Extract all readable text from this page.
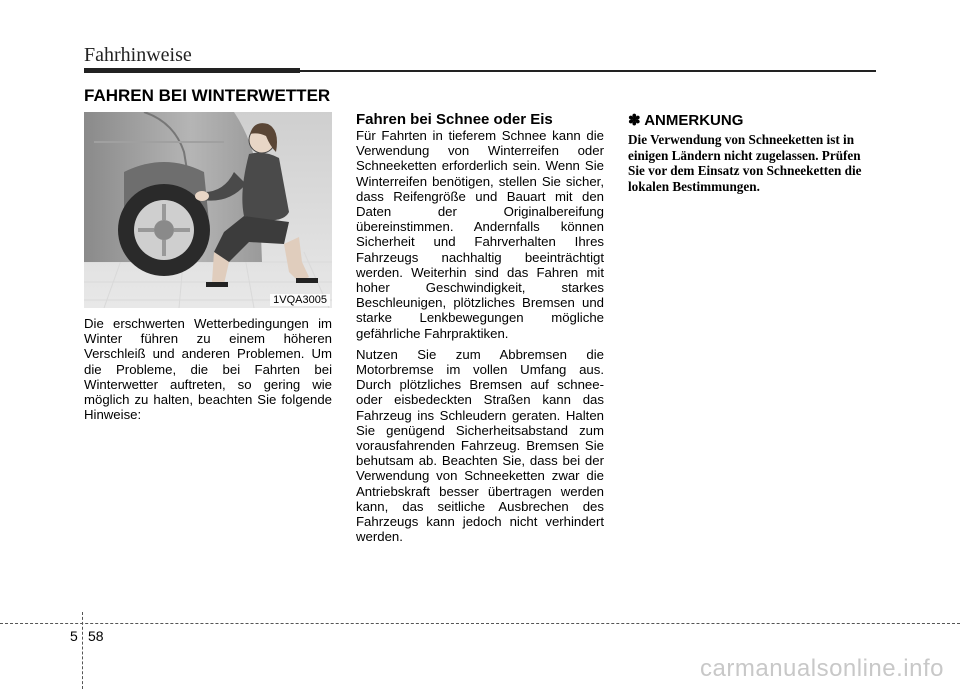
Fahrhinweise
FAHREN BEI WINTERWETTER
1VQA3005

Die erschwerten Wetterbedingungen im Winter führen zu einem höheren Verschleiß und anderen Problemen. Um die Probleme, die bei Fahrten bei Winterwetter auftreten, so gering wie möglich zu halten, beachten Sie folgende Hinweise:

Fahren bei Schnee oder Eis

Für Fahrten in tieferem Schnee kann die Verwendung von Winterreifen oder Schneeketten erforderlich sein. Wenn Sie Winterreifen benötigen, stellen Sie sicher, dass Reifengröße und Bauart mit den Daten der Originalbereifung übereinstimmen. Andernfalls können Sicherheit und Fahrverhalten Ihres Fahrzeugs nachhaltig beeinträchtigt werden. Weiterhin sind das Fahren mit hoher Geschwindigkeit, starkes Beschleunigen, plötzliches Bremsen und starke Lenkbewegungen mögliche gefährliche Fahrpraktiken.

Nutzen Sie zum Abbremsen die Motorbremse im vollen Umfang aus. Durch plötzliches Bremsen auf schnee- oder eisbedeckten Straßen kann das Fahrzeug ins Schleudern geraten. Halten Sie genügend Sicherheitsabstand zum vorausfahrenden Fahrzeug. Bremsen Sie behutsam ab. Beachten Sie, dass bei der Verwendung von Schneeketten zwar die Antriebskraft besser übertragen werden kann, das seitliche Ausbrechen des Fahrzeugs kann jedoch nicht verhindert werden.

✽ ANMERKUNG

Die Verwendung von Schneeketten ist in einigen Ländern nicht zugelassen. Prüfen Sie vor dem Einsatz von Schneeketten die lokalen Bestimmungen.

5 58
carmanualsonline.info
